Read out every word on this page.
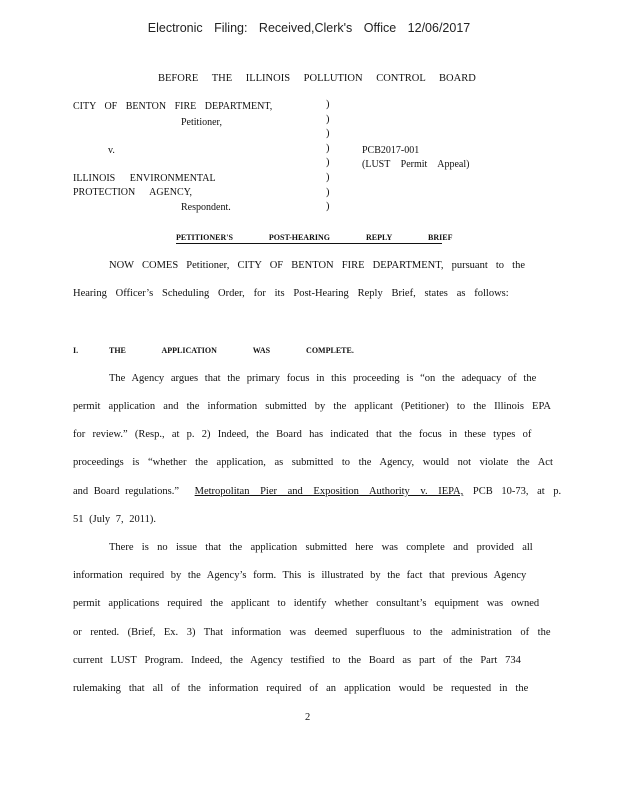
Electronic Filing: Received,Clerk's Office 12/06/2017
BEFORE THE ILLINOIS POLLUTION CONTROL BOARD
CITY OF BENTON FIRE DEPARTMENT,
Petitioner,
v.
ILLINOIS ENVIRONMENTAL
PROTECTION AGENCY,
Respondent.
)
)
)
)
)
)
)
)
PCB2017-001
(LUST Permit Appeal)
PETITIONER'S POST-HEARING REPLY BRIEF
NOW COMES Petitioner, CITY OF BENTON FIRE DEPARTMENT, pursuant to the
Hearing Officer’s Scheduling Order, for its Post-Hearing Reply Brief, states as follows:
I.	THE APPLICATION WAS COMPLETE.
The Agency argues that the primary focus in this proceeding is “on the adequacy of the
permit application and the information submitted by the applicant (Petitioner) to the Illinois EPA
for review.” (Resp., at p. 2) Indeed, the Board has indicated that the focus in these types of
proceedings is “whether the application, as submitted to the Agency, would not violate the Act
and Board regulations.” Metropolitan Pier and Exposition Authority v. IEPA, PCB 10-73, at p.
51 (July 7, 2011).
There is no issue that the application submitted here was complete and provided all
information required by the Agency’s form. This is illustrated by the fact that previous Agency
permit applications required the applicant to identify whether consultant’s equipment was owned
or rented. (Brief, Ex. 3) That information was deemed superfluous to the administration of the
current LUST Program. Indeed, the Agency testified to the Board as part of the Part 734
rulemaking that all of the information required of an application would be requested in the
2
